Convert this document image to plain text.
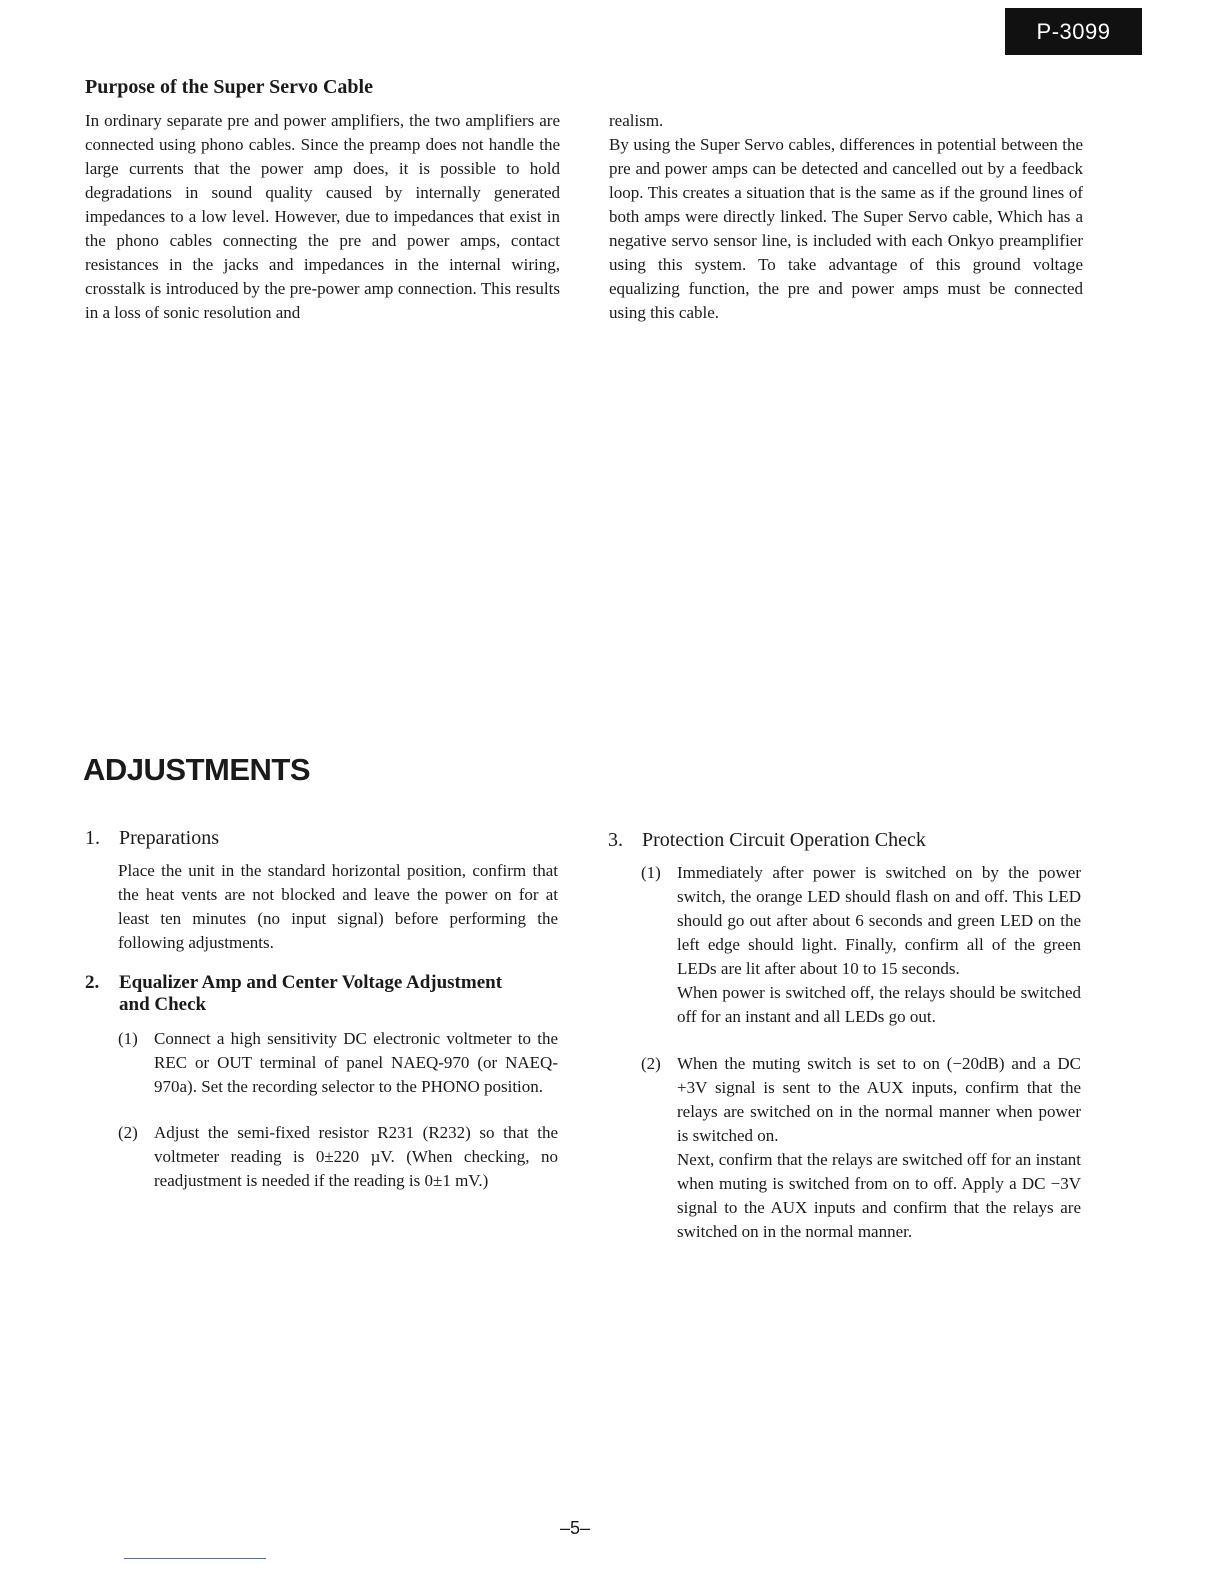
P-3099
Purpose of the Super Servo Cable

In ordinary separate pre and power amplifiers, the two amplifiers are connected using phono cables. Since the preamp does not handle the large currents that the power amp does, it is possible to hold degradations in sound quality caused by internally generated impedances to a low level. However, due to impedances that exist in the phono cables connecting the pre and power amps, contact resistances in the jacks and impedances in the internal wiring, crosstalk is introduced by the pre-power amp connection. This results in a loss of sonic resolution and

realism.
By using the Super Servo cables, differences in potential between the pre and power amps can be detected and cancelled out by a feedback loop. This creates a situation that is the same as if the ground lines of both amps were directly linked. The Super Servo cable, Which has a negative servo sensor line, is included with each Onkyo preamplifier using this system. To take advantage of this ground voltage equalizing function, the pre and power amps must be connected using this cable.
ADJUSTMENTS
1. Preparations

Place the unit in the standard horizontal position, confirm that the heat vents are not blocked and leave the power on for at least ten minutes (no input signal) before performing the following adjustments.

2. Equalizer Amp and Center Voltage Adjustment
and Check
(1) Connect a high sensitivity DC electronic voltmeter to the REC or OUT terminal of panel NAEQ-970 (or NAEQ-970a). Set the recording selector to the PHONO position.

(2) Adjust the semi-fixed resistor R231 (R232) so that the voltmeter reading is 0±220 µV. (When checking, no readjustment is needed if the reading is 0±1 mV.)

3. Protection Circuit Operation Check
(1) Immediately after power is switched on by the power switch, the orange LED should flash on and off. This LED should go out after about 6 seconds and green LED on the left edge should light. Finally, confirm all of the green LEDs are lit after about 10 to 15 seconds.
When power is switched off, the relays should be switched off for an instant and all LEDs go out.
(2) When the muting switch is set to on (−20dB) and a DC +3V signal is sent to the AUX inputs, confirm that the relays are switched on in the normal manner when power is switched on.
Next, confirm that the relays are switched off for an instant when muting is switched from on to off. Apply a DC −3V signal to the AUX inputs and confirm that the relays are switched on in the normal manner.
–5–
